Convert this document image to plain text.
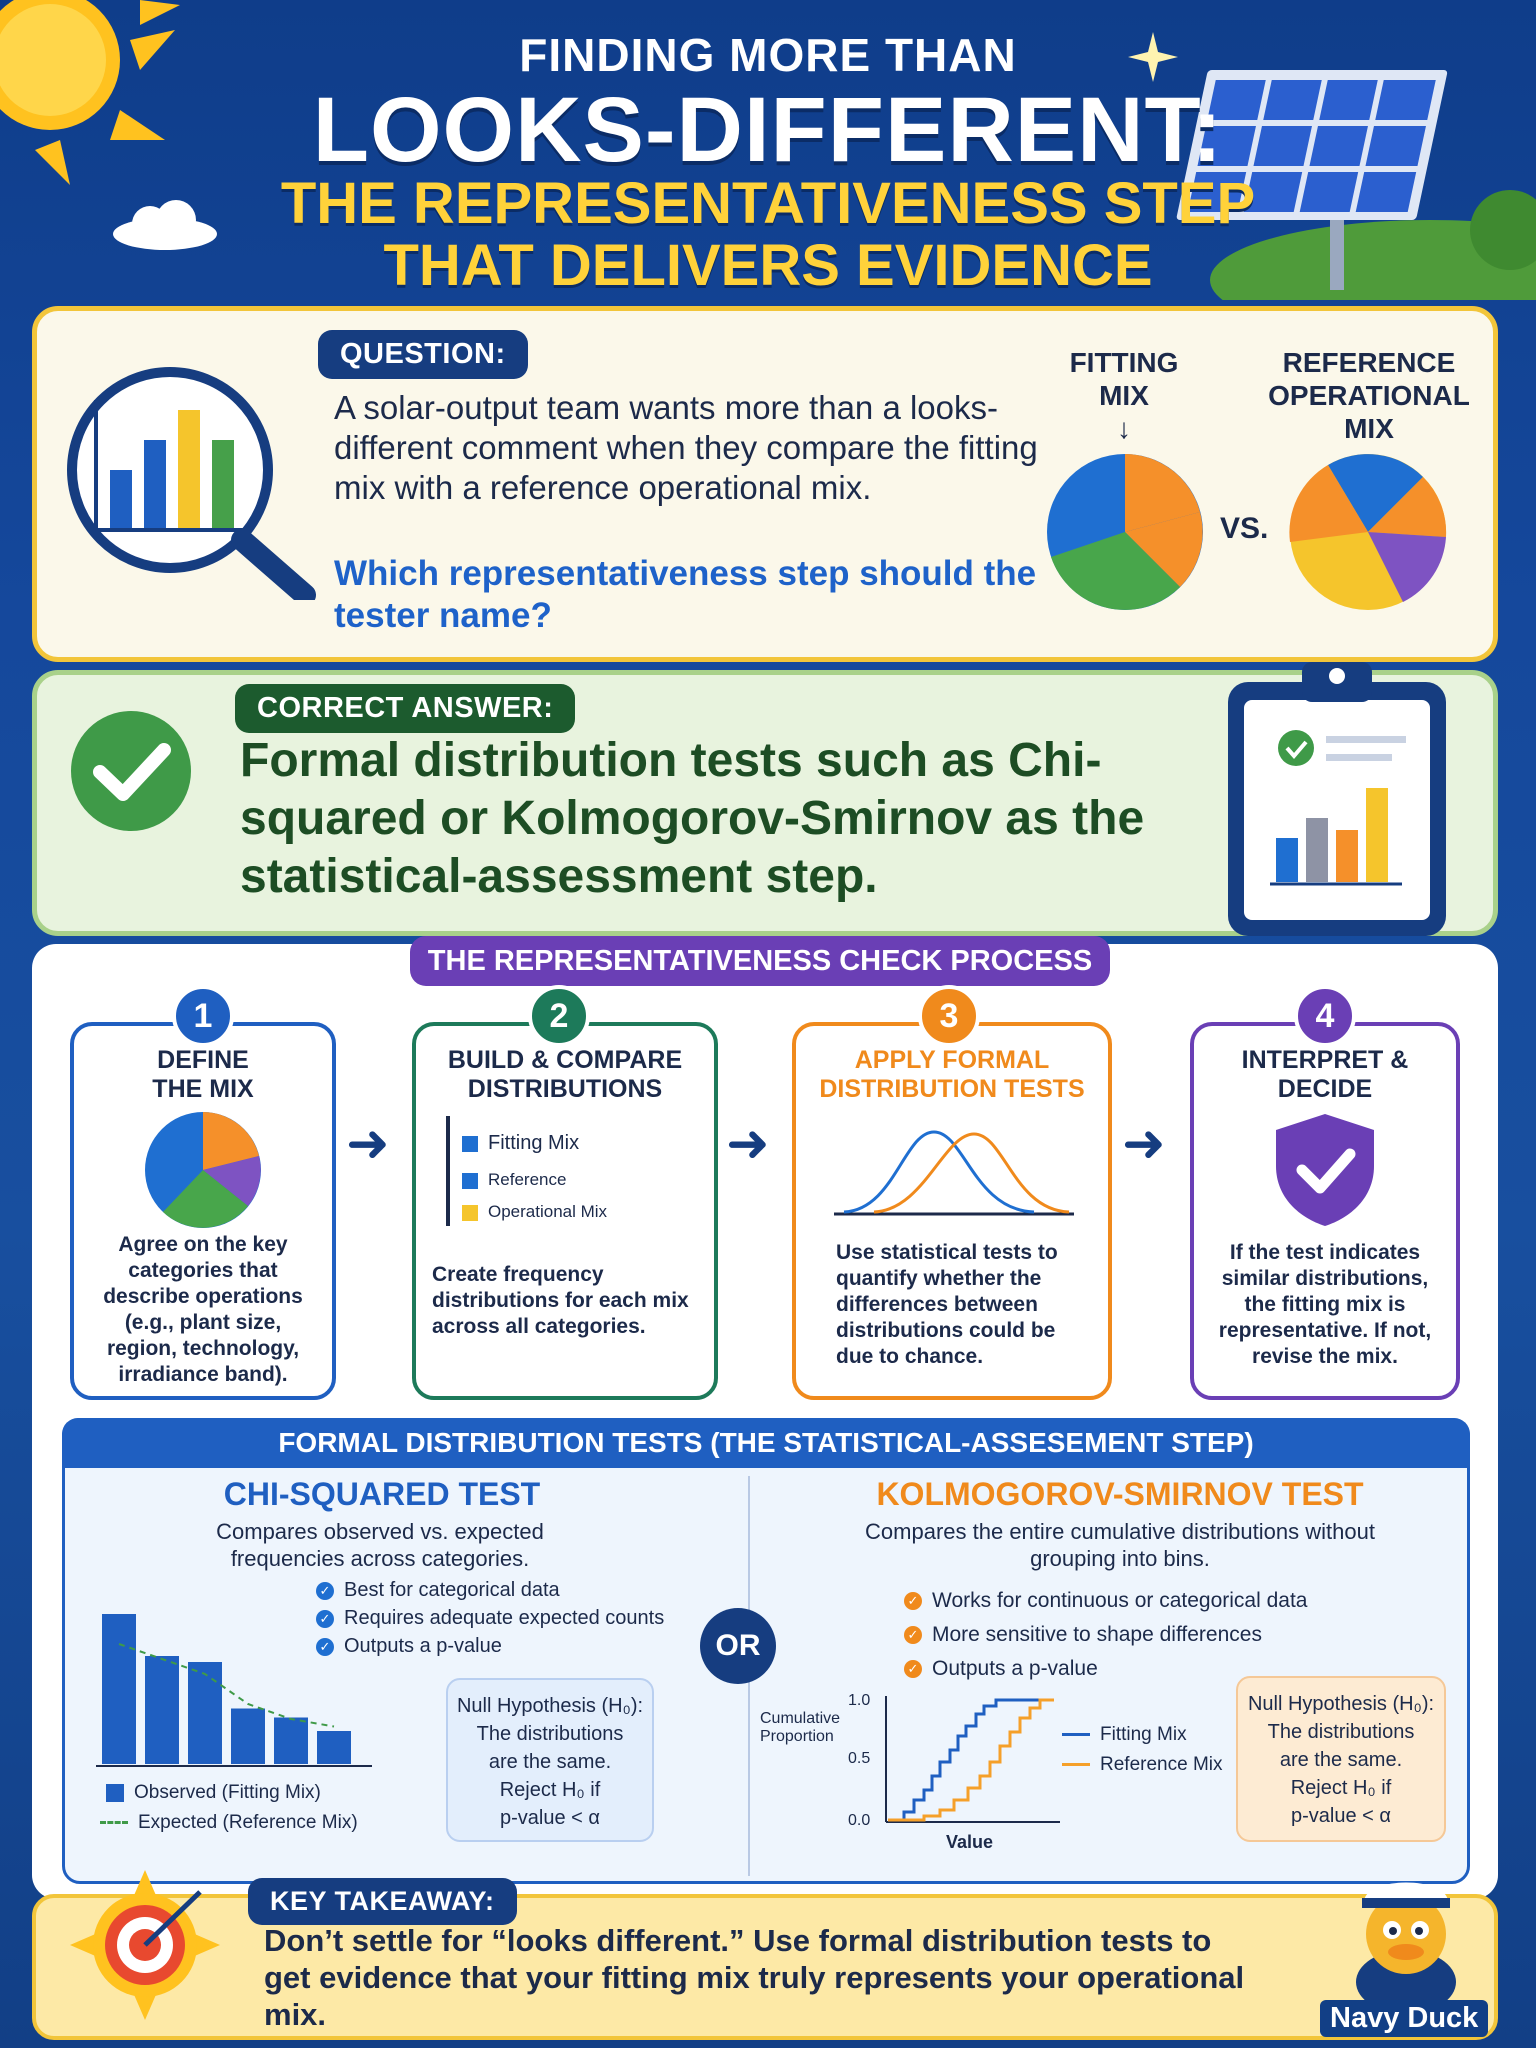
FINDING MORE THAN
LOOKS-DIFFERENT:
THE REPRESENTATIVENESS STEP
THAT DELIVERS EVIDENCE
QUESTION:
A solar-output team wants more than a looks-different comment when they compare the fitting mix with a reference operational mix.
Which representativeness step should the tester name?
FITTING
MIX
↓
REFERENCE
OPERATIONAL
MIX
VS.
CORRECT ANSWER:
Formal distribution tests such as Chi-squared or Kolmogorov-Smirnov as the statistical-assessment step.
THE REPRESENTATIVENESS CHECK PROCESS
1
DEFINE
THE MIX
Agree on the key categories that describe operations (e.g., plant size, region, technology, irradiance band).
➜
2
BUILD & COMPARE
DISTRIBUTIONS
Fitting Mix
Reference
Operational Mix
Create frequency distributions for each mix across all categories.
➜
3
APPLY FORMAL
DISTRIBUTION TESTS
Use statistical tests to quantify whether the differences between distributions could be due to chance.
➜
4
INTERPRET &
DECIDE
If the test indicates similar distributions, the fitting mix is representative. If not, revise the mix.
FORMAL DISTRIBUTION TESTS (THE STATISTICAL-ASSESEMENT STEP)
CHI-SQUARED TEST
Compares observed vs. expected frequencies across categories.
✓ Best for categorical data
✓ Requires adequate expected counts
✓ Outputs a p-value
Observed (Fitting Mix)
Expected (Reference Mix)
Null Hypothesis (H₀):
The distributions
are the same.
Reject H₀ if
p-value < α
OR
KOLMOGOROV-SMIRNOV TEST
Compares the entire cumulative distributions without grouping into bins.
✓ Works for continuous or categorical data
✓ More sensitive to shape differences
✓ Outputs a p-value
Cumulative
Proportion
1.0
0.5
0.0
Value
Fitting Mix
Reference Mix
Null Hypothesis (H₀):
The distributions
are the same.
Reject H₀ if
p-value < α
KEY TAKEAWAY:
Don’t settle for “looks different.” Use formal distribution tests to get evidence that your fitting mix truly represents your operational mix.	Navy Duck
